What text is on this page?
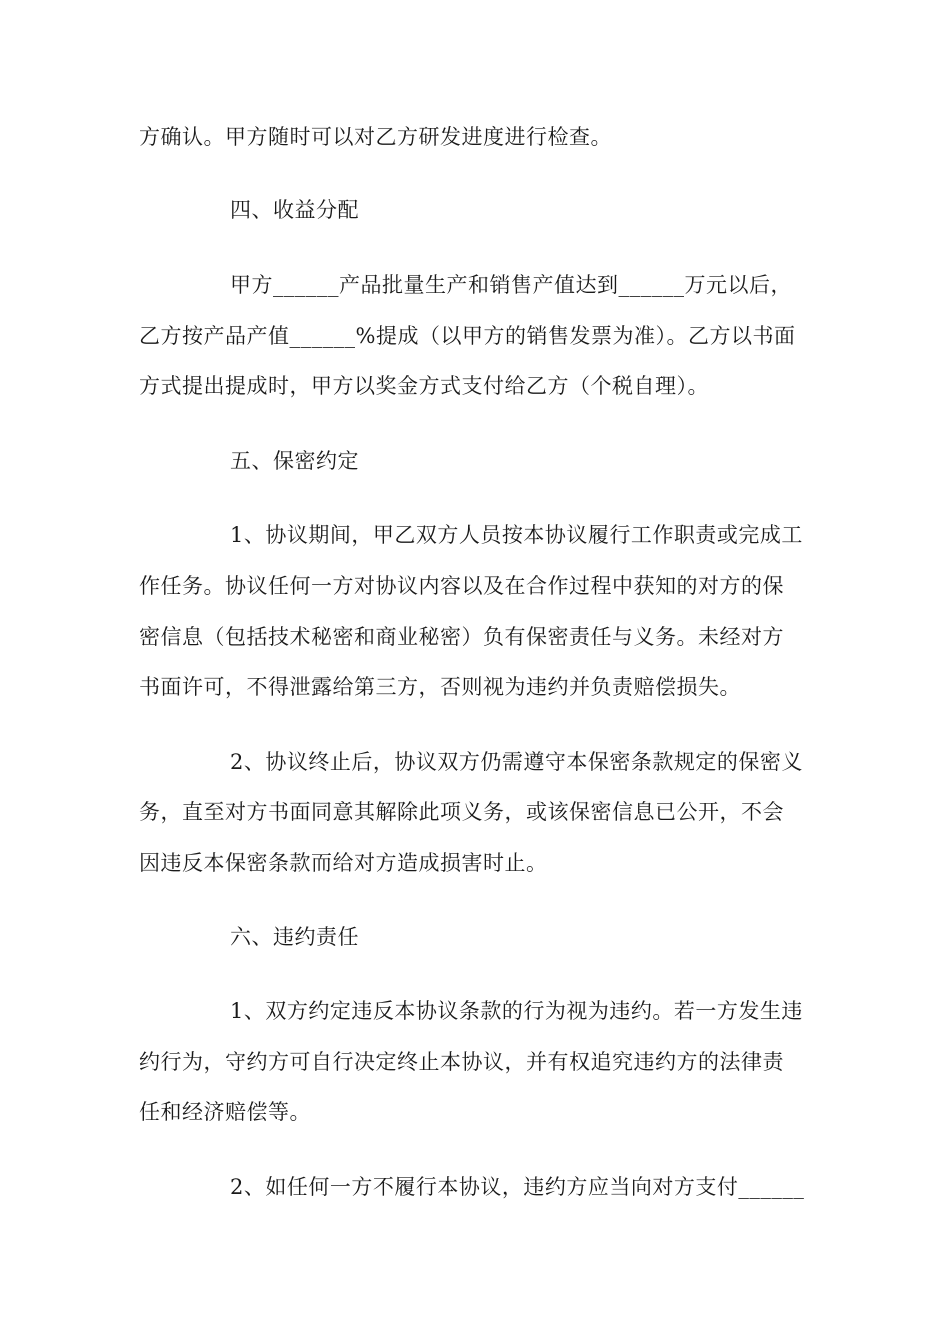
方确认。甲方随时可以对乙方研发进度进行检查。
四、收益分配
甲方______产品批量生产和销售产值达到______万元以后，
乙方按产品产值______%提成（以甲方的销售发票为准）。乙方以书面
方式提出提成时，甲方以奖金方式支付给乙方（个税自理）。
五、保密约定
1、协议期间，甲乙双方人员按本协议履行工作职责或完成工
作任务。协议任何一方对协议内容以及在合作过程中获知的对方的保
密信息（包括技术秘密和商业秘密）负有保密责任与义务。未经对方
书面许可，不得泄露给第三方，否则视为违约并负责赔偿损失。
2、协议终止后，协议双方仍需遵守本保密条款规定的保密义
务，直至对方书面同意其解除此项义务，或该保密信息已公开，不会
因违反本保密条款而给对方造成损害时止。
六、违约责任
1、双方约定违反本协议条款的行为视为违约。若一方发生违
约行为，守约方可自行决定终止本协议，并有权追究违约方的法律责
任和经济赔偿等。
2、如任何一方不履行本协议，违约方应当向对方支付______
